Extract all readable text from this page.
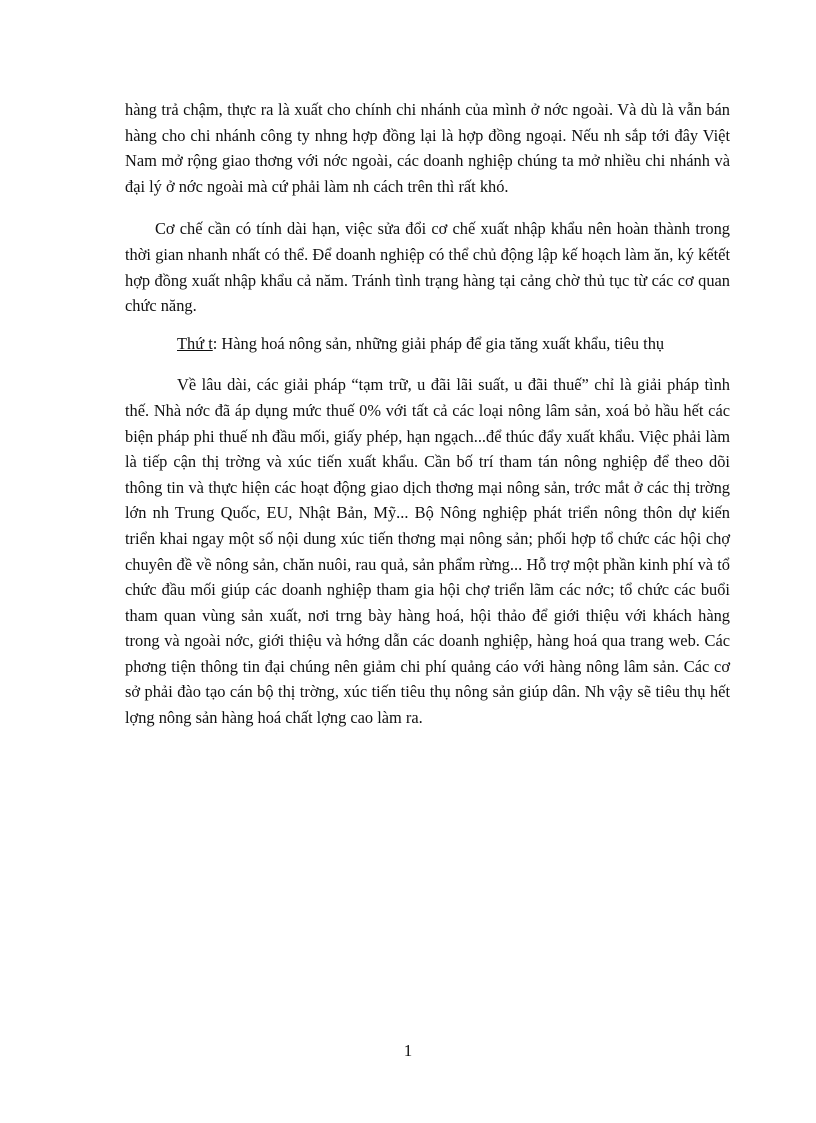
hàng trả chậm, thực ra là xuất cho chính chi nhánh của mình ở nớc ngoài. Và dù là vẫn bán hàng cho chi nhánh công ty nhng hợp đồng lại là hợp đồng ngoại. Nếu nh sắp tới đây Việt Nam mở rộng giao thơng với nớc ngoài, các doanh nghiệp chúng ta mở nhiều chi nhánh và đại lý ở nớc ngoài mà cứ phải làm nh cách trên thì rất khó.

Cơ chế cần có tính dài hạn, việc sửa đổi cơ chế xuất nhập khẩu nên hoàn thành trong thời gian nhanh nhất có thể. Để doanh nghiệp có thể chủ động lập kế hoạch làm ăn, ký kếtết hợp đồng xuất nhập khẩu cả năm. Tránh tình trạng hàng tại cảng chờ thủ tục từ các cơ quan chức năng.

Thứ t: Hàng hoá nông sản, những giải pháp để gia tăng xuất khẩu, tiêu thụ

Về lâu dài, các giải pháp “tạm trữ, u đãi lãi suất, u đãi thuế” chỉ là giải pháp tình thế. Nhà nớc đã áp dụng mức thuế 0% với tất cả các loại nông lâm sản, xoá bỏ hầu hết các biện pháp phi thuế nh đầu mối, giấy phép, hạn ngạch...để thúc đẩy xuất khẩu. Việc phải làm là tiếp cận thị trờng và xúc tiến xuất khẩu. Cần bố trí tham tán nông nghiệp để theo dõi thông tin và thực hiện các hoạt động giao dịch thơng mại nông sản, trớc mắt ở các thị trờng lớn nh Trung Quốc, EU, Nhật Bản, Mỹ... Bộ Nông nghiệp phát triển nông thôn dự kiến triển khai ngay một số nội dung xúc tiến thơng mại nông sản; phối hợp tổ chức các hội chợ chuyên đề về nông sản, chăn nuôi, rau quả, sản phẩm rừng... Hỗ trợ một phần kinh phí và tổ chức đầu mối giúp các doanh nghiệp tham gia hội chợ triển lãm các nớc; tổ chức các buổi tham quan vùng sản xuất, nơi trng bày hàng hoá, hội thảo để giới thiệu với khách hàng trong và ngoài nớc, giới thiệu và hớng dẫn các doanh nghiệp, hàng hoá qua trang web. Các phơng tiện thông tin đại chúng nên giảm chi phí quảng cáo với hàng nông lâm sản. Các cơ sở phải đào tạo cán bộ thị trờng, xúc tiến tiêu thụ nông sản giúp dân. Nh vậy sẽ tiêu thụ hết lợng nông sản hàng hoá chất lợng cao làm ra.

1
